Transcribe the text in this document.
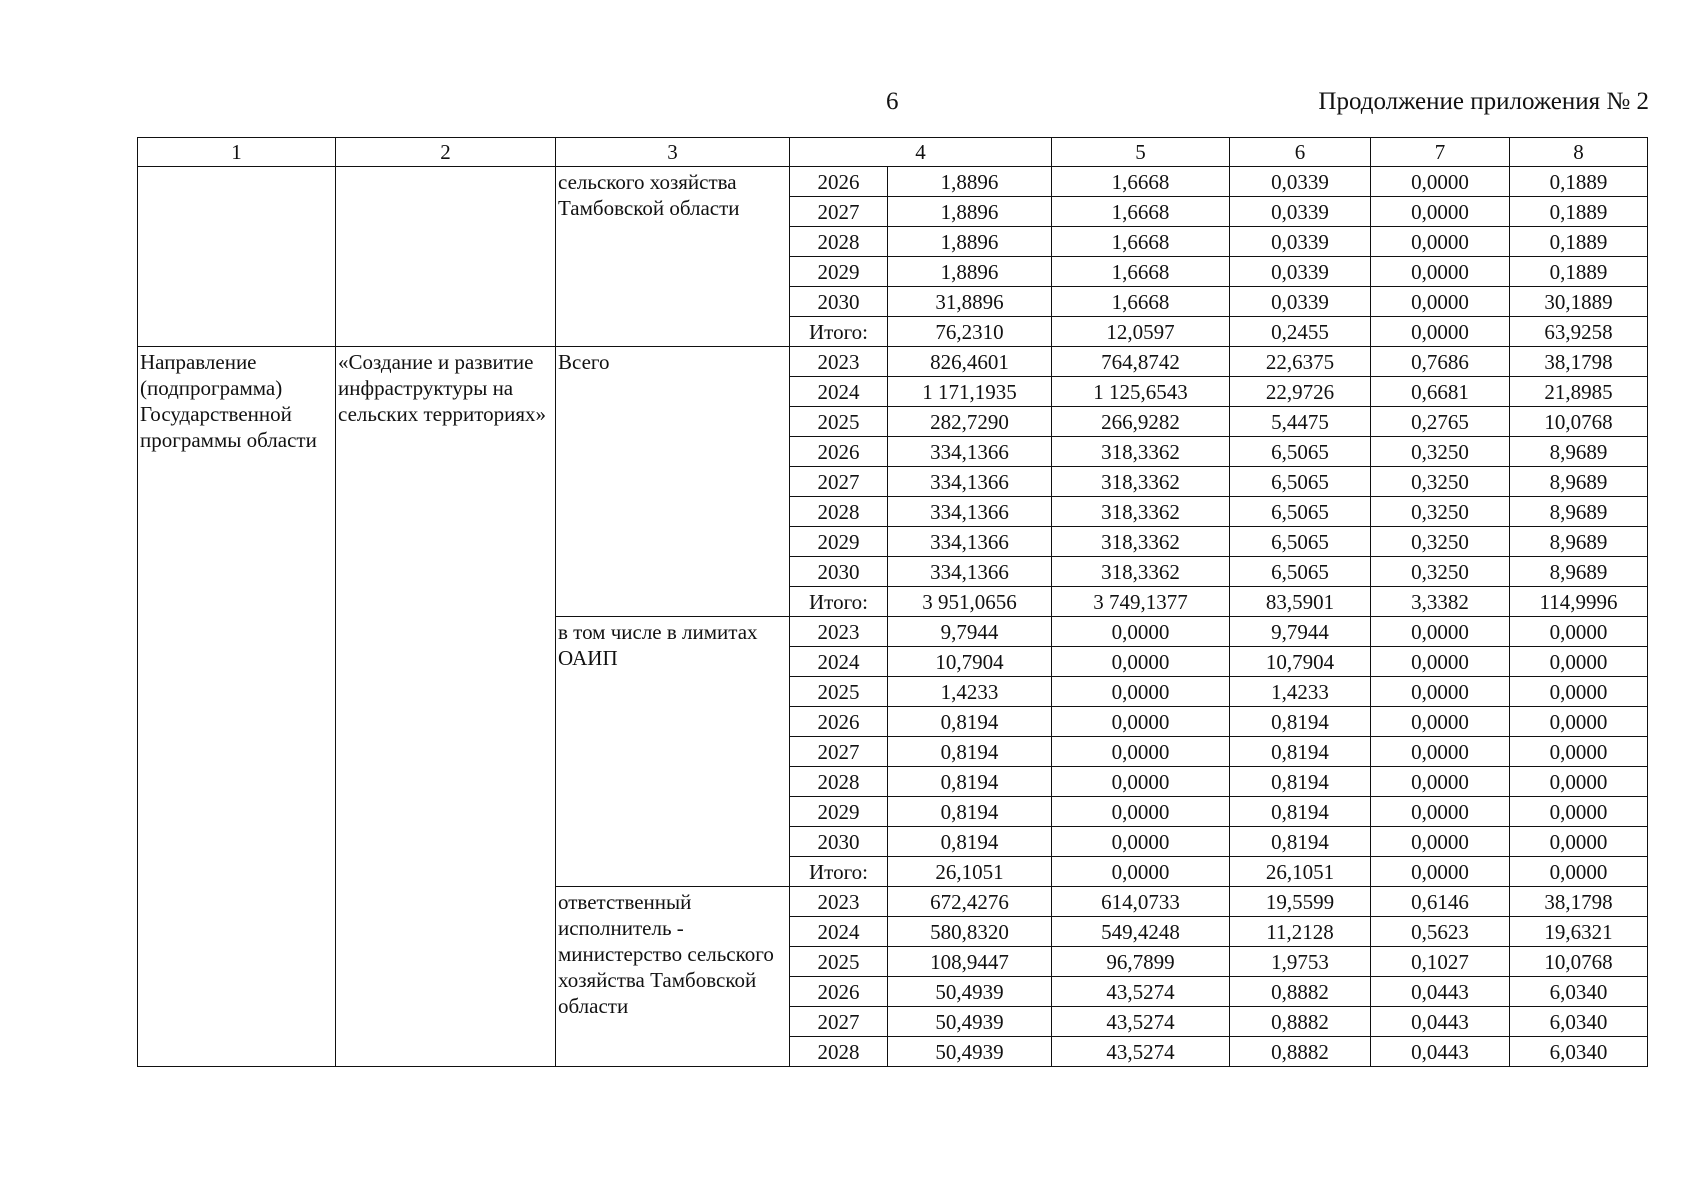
6	Продолжение приложения № 2
1	2	3	4		5	6	7	8
		сельского хозяйства Тамбовской области	2026	1,8896	1,6668	0,0339	0,0000	0,1889
			2027	1,8896	1,6668	0,0339	0,0000	0,1889
			2028	1,8896	1,6668	0,0339	0,0000	0,1889
			2029	1,8896	1,6668	0,0339	0,0000	0,1889
			2030	31,8896	1,6668	0,0339	0,0000	30,1889
			Итого:	76,2310	12,0597	0,2455	0,0000	63,9258
Направление (подпрограмма) Государственной программы области	«Создание и развитие инфраструктуры на сельских территориях»	Всего	2023	826,4601	764,8742	22,6375	0,7686	38,1798
			2024	1 171,1935	1 125,6543	22,9726	0,6681	21,8985
			2025	282,7290	266,9282	5,4475	0,2765	10,0768
			2026	334,1366	318,3362	6,5065	0,3250	8,9689
			2027	334,1366	318,3362	6,5065	0,3250	8,9689
			2028	334,1366	318,3362	6,5065	0,3250	8,9689
			2029	334,1366	318,3362	6,5065	0,3250	8,9689
			2030	334,1366	318,3362	6,5065	0,3250	8,9689
			Итого:	3 951,0656	3 749,1377	83,5901	3,3382	114,9996
		в том числе в лимитах ОАИП	2023	9,7944	0,0000	9,7944	0,0000	0,0000
			2024	10,7904	0,0000	10,7904	0,0000	0,0000
			2025	1,4233	0,0000	1,4233	0,0000	0,0000
			2026	0,8194	0,0000	0,8194	0,0000	0,0000
			2027	0,8194	0,0000	0,8194	0,0000	0,0000
			2028	0,8194	0,0000	0,8194	0,0000	0,0000
			2029	0,8194	0,0000	0,8194	0,0000	0,0000
			2030	0,8194	0,0000	0,8194	0,0000	0,0000
			Итого:	26,1051	0,0000	26,1051	0,0000	0,0000
		ответственный исполнитель - министерство сельского хозяйства Тамбовской области	2023	672,4276	614,0733	19,5599	0,6146	38,1798
			2024	580,8320	549,4248	11,2128	0,5623	19,6321
			2025	108,9447	96,7899	1,9753	0,1027	10,0768
			2026	50,4939	43,5274	0,8882	0,0443	6,0340
			2027	50,4939	43,5274	0,8882	0,0443	6,0340
			2028	50,4939	43,5274	0,8882	0,0443	6,0340
